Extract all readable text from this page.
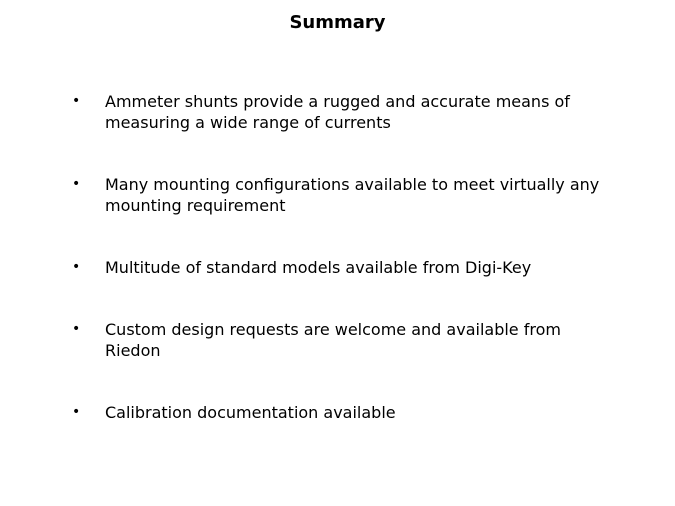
Summary
• Ammeter shunts provide a rugged and accurate means of measuring a wide range of currents
• Many mounting configurations available to meet virtually any mounting requirement
• Multitude of standard models available from Digi-Key
• Custom design requests are welcome and available from Riedon
• Calibration documentation available
